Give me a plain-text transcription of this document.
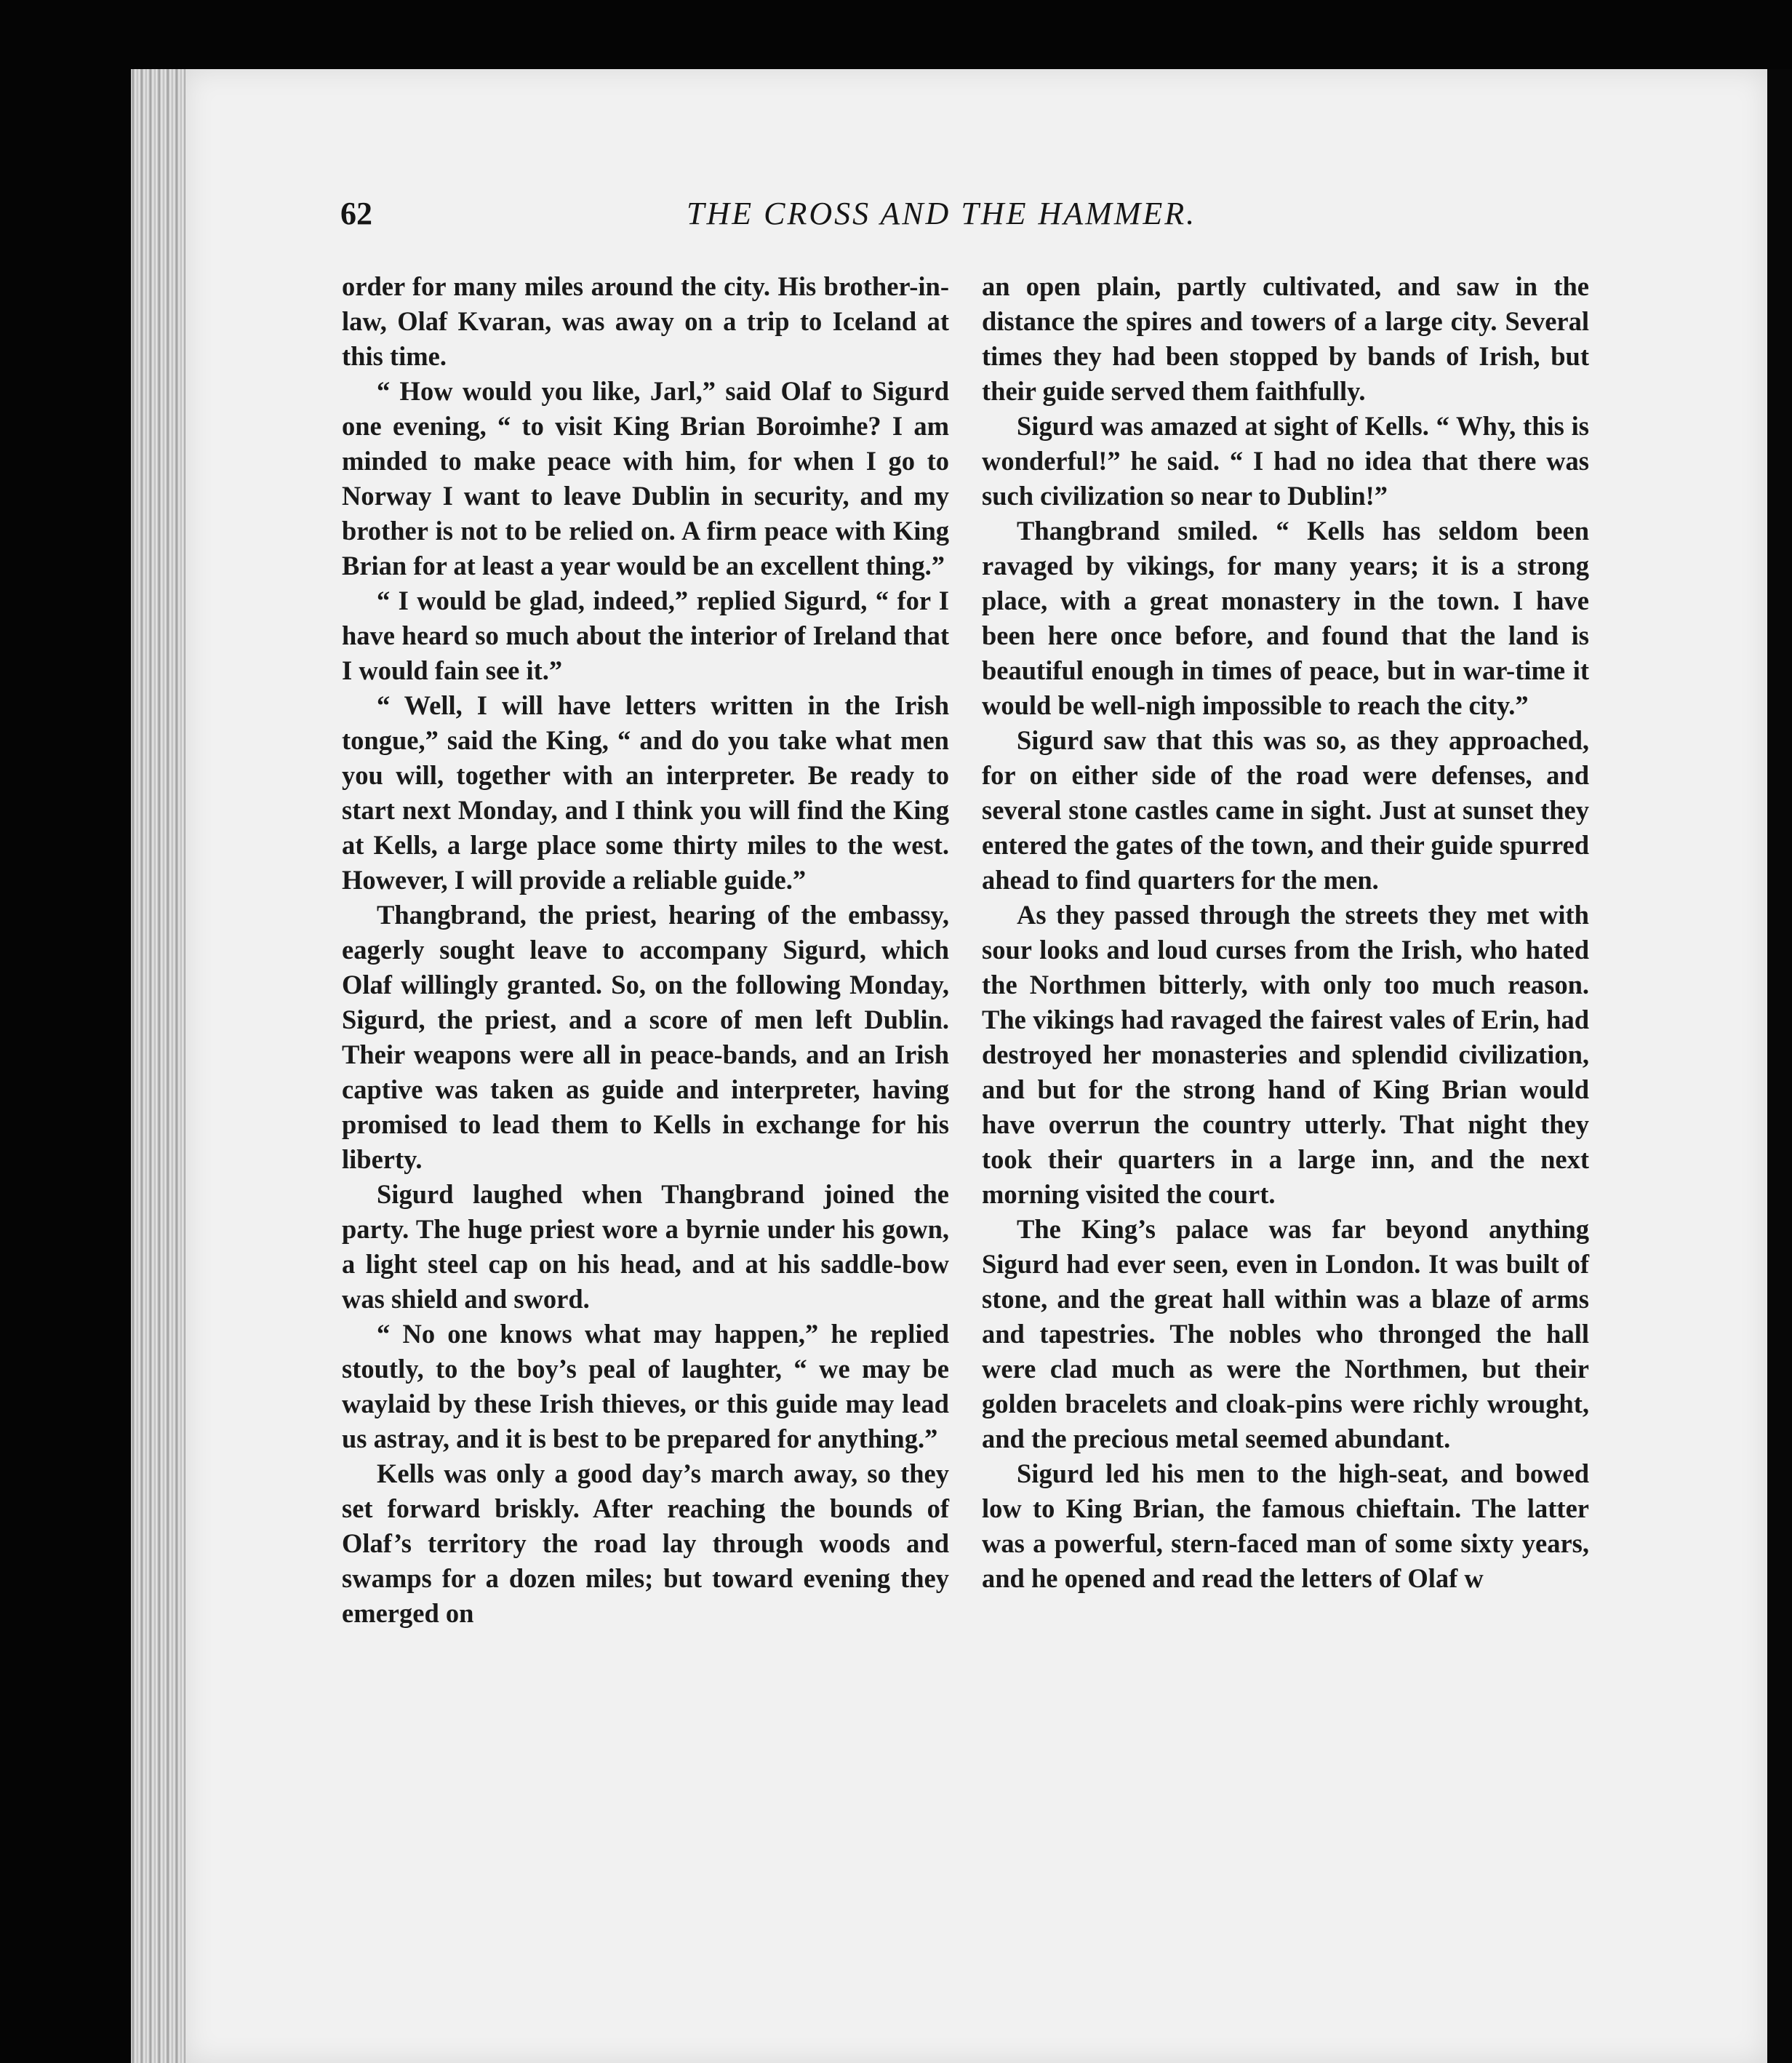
62	THE CROSS AND THE HAMMER.

order for many miles around the city. His brother-in-law, Olaf Kvaran, was away on a trip to Iceland at this time.

“ How would you like, Jarl,” said Olaf to Sigurd one evening, “ to visit King Brian Boroimhe? I am minded to make peace with him, for when I go to Norway I want to leave Dublin in security, and my brother is not to be relied on. A firm peace with King Brian for at least a year would be an excellent thing.”

“ I would be glad, indeed,” replied Sigurd, “ for I have heard so much about the interior of Ireland that I would fain see it.”

“ Well, I will have letters written in the Irish tongue,” said the King, “ and do you take what men you will, together with an interpreter. Be ready to start next Monday, and I think you will find the King at Kells, a large place some thirty miles to the west. However, I will provide a reliable guide.”

Thangbrand, the priest, hearing of the embassy, eagerly sought leave to accompany Sigurd, which Olaf willingly granted. So, on the following Monday, Sigurd, the priest, and a score of men left Dublin. Their weapons were all in peace-bands, and an Irish captive was taken as guide and interpreter, having promised to lead them to Kells in exchange for his liberty.

Sigurd laughed when Thangbrand joined the party. The huge priest wore a byrnie under his gown, a light steel cap on his head, and at his saddle-bow was shield and sword.

“ No one knows what may happen,” he replied stoutly, to the boy’s peal of laughter, “ we may be waylaid by these Irish thieves, or this guide may lead us astray, and it is best to be prepared for anything.”

Kells was only a good day’s march away, so they set forward briskly. After reaching the bounds of Olaf’s territory the road lay through woods and swamps for a dozen miles; but toward evening they emerged on

an open plain, partly cultivated, and saw in the distance the spires and towers of a large city. Several times they had been stopped by bands of Irish, but their guide served them faithfully.

Sigurd was amazed at sight of Kells. “ Why, this is wonderful!” he said. “ I had no idea that there was such civilization so near to Dublin!”

Thangbrand smiled. “ Kells has seldom been ravaged by vikings, for many years; it is a strong place, with a great monastery in the town. I have been here once before, and found that the land is beautiful enough in times of peace, but in war-time it would be well-nigh impossible to reach the city.”

Sigurd saw that this was so, as they approached, for on either side of the road were defenses, and several stone castles came in sight. Just at sunset they entered the gates of the town, and their guide spurred ahead to find quarters for the men.

As they passed through the streets they met with sour looks and loud curses from the Irish, who hated the Northmen bitterly, with only too much reason. The vikings had ravaged the fairest vales of Erin, had destroyed her monasteries and splendid civilization, and but for the strong hand of King Brian would have overrun the country utterly. That night they took their quarters in a large inn, and the next morning visited the court.

The King’s palace was far beyond anything Sigurd had ever seen, even in London. It was built of stone, and the great hall within was a blaze of arms and tapestries. The nobles who thronged the hall were clad much as were the Northmen, but their golden bracelets and cloak-pins were richly wrought, and the precious metal seemed abundant.

Sigurd led his men to the high-seat, and bowed low to King Brian, the famous chieftain. The latter was a powerful, stern-faced man of some sixty years, and he opened and read the letters of Olaf w
